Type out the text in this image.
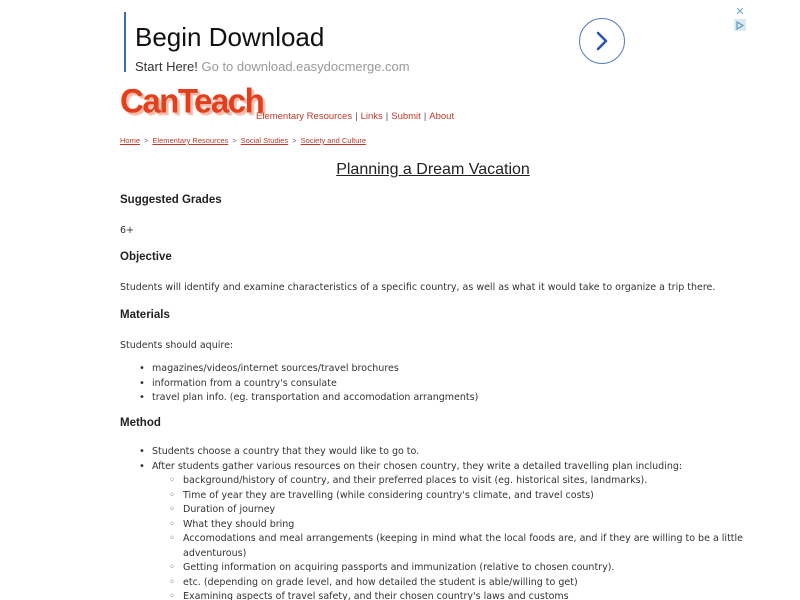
Begin Download
Start Here! Go to download.easydocmerge.com
✕
CanTeach
Elementary Resources | Links | Submit | About
Home > Elementary Resources > Social Studies > Society and Culture
Planning a Dream Vacation
Suggested Grades
6+
Objective
Students will identify and examine characteristics of a specific country, as well as what it would take to organize a trip there.
Materials
Students should aquire:
• magazines/videos/internet sources/travel brochures
• information from a country's consulate
• travel plan info. (eg. transportation and accomodation arrangments)
Method
• Students choose a country that they would like to go to.
• After students gather various resources on their chosen country, they write a detailed travelling plan including:
◦ background/history of country, and their preferred places to visit (eg. historical sites, landmarks).
◦ Time of year they are travelling (while considering country's climate, and travel costs)
◦ Duration of journey
◦ What they should bring
◦ Accomodations and meal arrangements (keeping in mind what the local foods are, and if they are willing to be a little adventurous)
◦ Getting information on acquiring passports and immunization (relative to chosen country).
◦ etc. (depending on grade level, and how detailed the student is able/willing to get)
◦ Examining aspects of travel safety, and their chosen country's laws and customs
